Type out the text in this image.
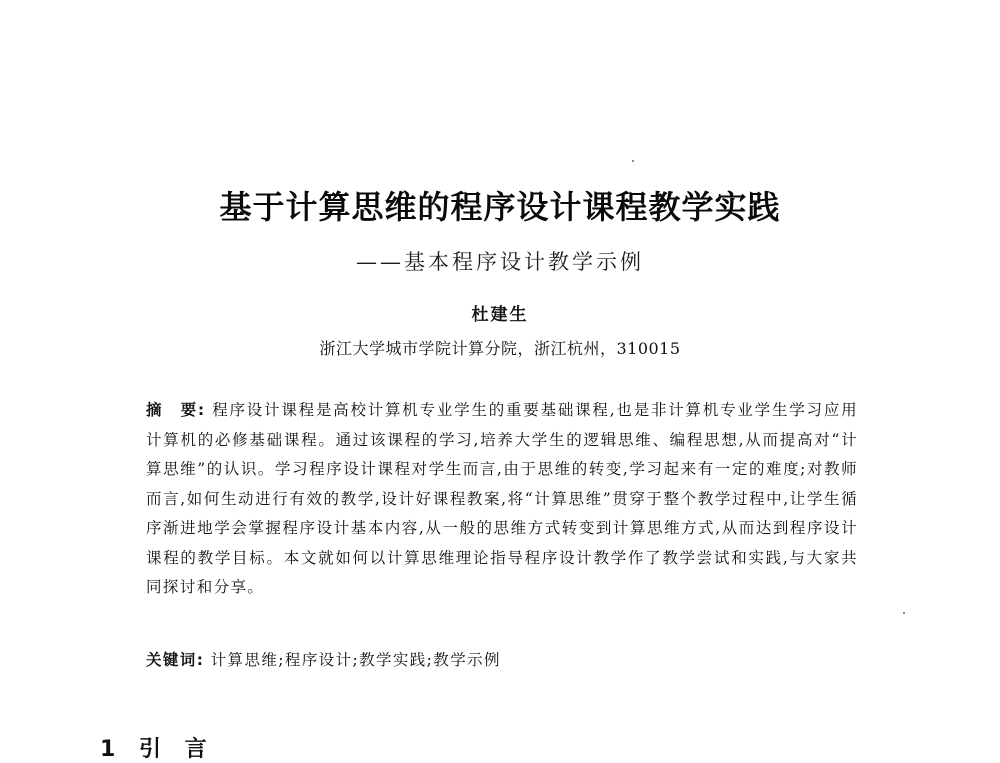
基于计算思维的程序设计课程教学实践
——基本程序设计教学示例
杜建生
浙江大学城市学院计算分院，浙江杭州，310015
摘　要: 程序设计课程是高校计算机专业学生的重要基础课程,也是非计算机专业学生学习应用计算机的必修基础课程。通过该课程的学习,培养大学生的逻辑思维、编程思想,从而提高对“计算思维”的认识。学习程序设计课程对学生而言,由于思维的转变,学习起来有一定的难度;对教师而言,如何生动进行有效的教学,设计好课程教案,将“计算思维”贯穿于整个教学过程中,让学生循序渐进地学会掌握程序设计基本内容,从一般的思维方式转变到计算思维方式,从而达到程序设计课程的教学目标。本文就如何以计算思维理论指导程序设计教学作了教学尝试和实践,与大家共同探讨和分享。
关键词: 计算思维;程序设计;教学实践;教学示例
1 引 言
